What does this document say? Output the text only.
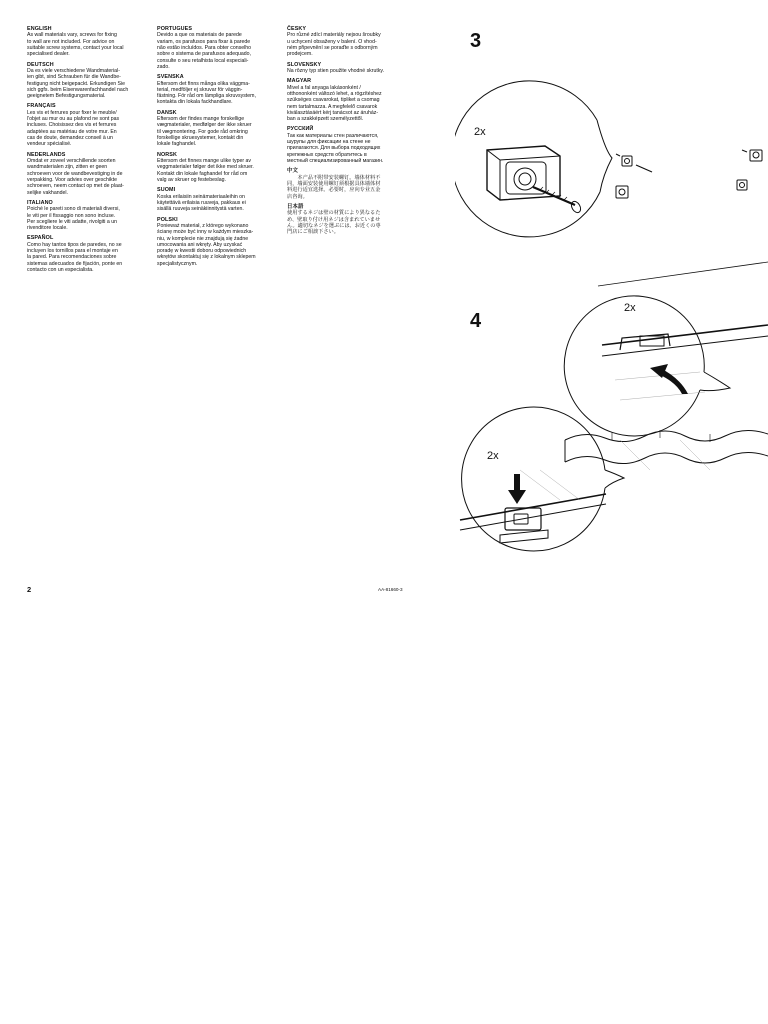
ENGLISH

As wall materials vary, screws for fixing
to wall are not included. For advice on
suitable screw systems, contact your local
specialised dealer.

DEUTSCH

Da es viele verschiedene Wandmaterial-
ien gibt, sind Schrauben für die Wandbe-
festigung nicht beigepackt. Erkundigen Sie
sich ggfs. beim Eisenwarenfachhandel nach
geeignetem Befestigungsmaterial.

FRANÇAIS

Les vis et ferrures pour fixer le meuble/
l'objet au mur ou au plafond ne sont pas
incluses. Choisissez des vis et ferrures
adaptées au matériau de votre mur. En
cas de doute, demandez conseil à un
vendeur spécialisé.

NEDERLANDS

Omdat er zoveel verschillende soorten
wandmaterialen zijn, zitten er geen
schroeven voor de wandbevestiging in de
verpakking. Voor advies over geschikte
schroeven, neem contact op met de plaat-
selijke vakhandel.

ITALIANO

Poiché le pareti sono di materiali diversi,
le viti per il fissaggio non sono incluse.
Per scegliere le viti adatte, rivolgiti a un
rivenditore locale.

ESPAÑOL

Como hay tantos tipos de paredes, no se
incluyen los tornillos para el montaje en
la pared. Para recomendaciones sobre
sistemas adecuados de fijación, ponte en
contacto con un especialista.

PORTUGUES

Devido a que os materiais de parede
variam, os parafusos para fixar à parede
não estão incluídos. Para obter conselho
sobre o sistema de parafusos adequado,
consulte o seu retalhista local especiali-
zado.

SVENSKA

Eftersom det finns många olika väggma-
terial, medföljer ej skruvar för väggin-
fästning. För råd om lämpliga skruvsystem,
kontakta din lokala fackhandlare.

DANSK

Eftersom der findes mange forskellige
vægmaterialer, medfølger der ikke skruer
til vægmontering. For gode råd omkring
forskellige skruesystemer, kontakt din
lokale faghandel.

NORSK

Ettersom det finnes mange ulike typer av
veggmaterialer følger det ikke med skruer.
Kontakt din lokale faghandel for råd om
valg av skruer og festebeslag.

SUOMI

Koska erilaisiin seinämateriaaleihin on
käytettävä erilaisia ruuveja, pakkaus ei
sisällä ruuveja seinäkiinnitystä varten.

POLSKI

Ponieważ materiał, z którego wykonano
ścianę może być inny w każdym mieszka-
niu, w komplecie nie znajdują się żadne
umocowania ani wkręty. Aby uzyskać
poradę w kwestii doboru odpowiednich
wkrętów skontaktuj się z lokalnym sklepem
specjalistycznym.

ČESKY

Pro různé zdící materiály nejsou šroubky
u uchycení obsaženy v balení. O vhod-
ném připevnění se poraďte s odborným
prodejcem.

SLOVENSKY

Na rôzny typ stien použite vhodné skrutky.

MAGYAR

Mivel a fal anyaga lakásonként /
otthononként változó lehet, a rögzítéshez
szükséges csavarokat, tipliket a csomag
nem tartalmazza. A megfelelő csavarok
kiválasztásáért kérj tanácsot az áruház-
ban a szakképzett személyzettől.

РУССКИЙ

Так как материалы стен различаются,
шурупы для фиксации на стене не
прилагаются. Для выбора подходящих
крепежных средств обратитесь в
местный специализированный магазин.

中文

　　本产品不附带安装螺钉。墙体材料不
同，墙面安装使用螺钉须根据具体墙体材
料进行适宜选择。必要时，应向专业五金
店咨询。

日本語

使用するネジは壁の材質により異なるた
め、壁取り付け用ネジは含まれていませ
ん。適切なネジを選ぶには、お近くの専
門店にご相談下さい。

2	AA-81660-3
3
2x
4
2x
2x
